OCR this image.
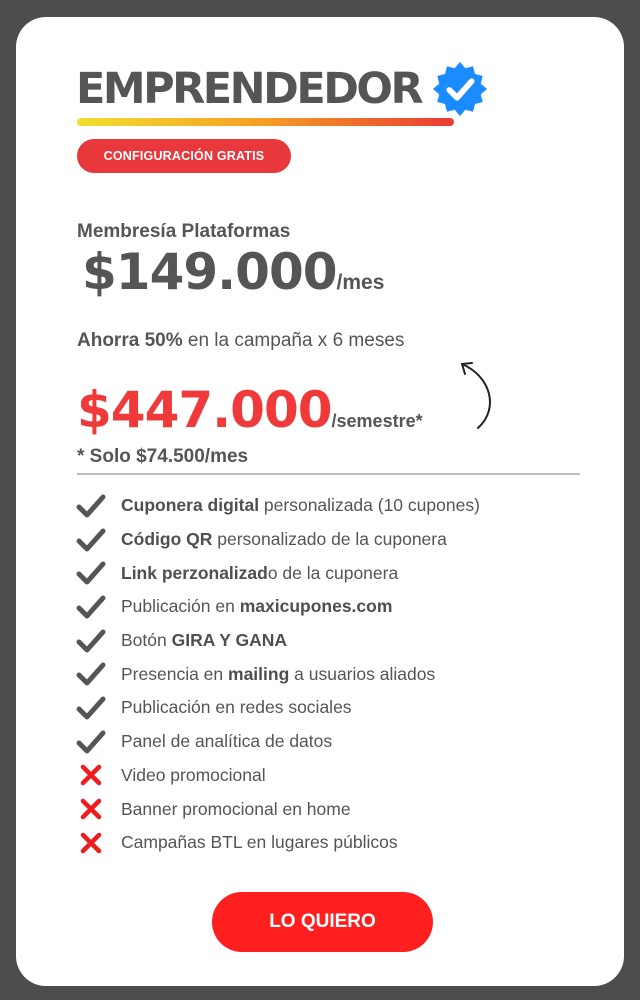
EMPRENDEDOR
CONFIGURACIÓN GRATIS
Membresía Plataformas
$149.000/mes
Ahorra 50% en la campaña x 6 meses
$447.000/semestre*
* Solo $74.500/mes
Cuponera digital personalizada (10 cupones)
Código QR personalizado de la cuponera
Link perzonalizado de la cuponera
Publicación en maxicupones.com
Botón GIRA Y GANA
Presencia en mailing a usuarios aliados
Publicación en redes sociales
Panel de analítica de datos
Video promocional
Banner promocional en home
Campañas BTL en lugares públicos
LO QUIERO
